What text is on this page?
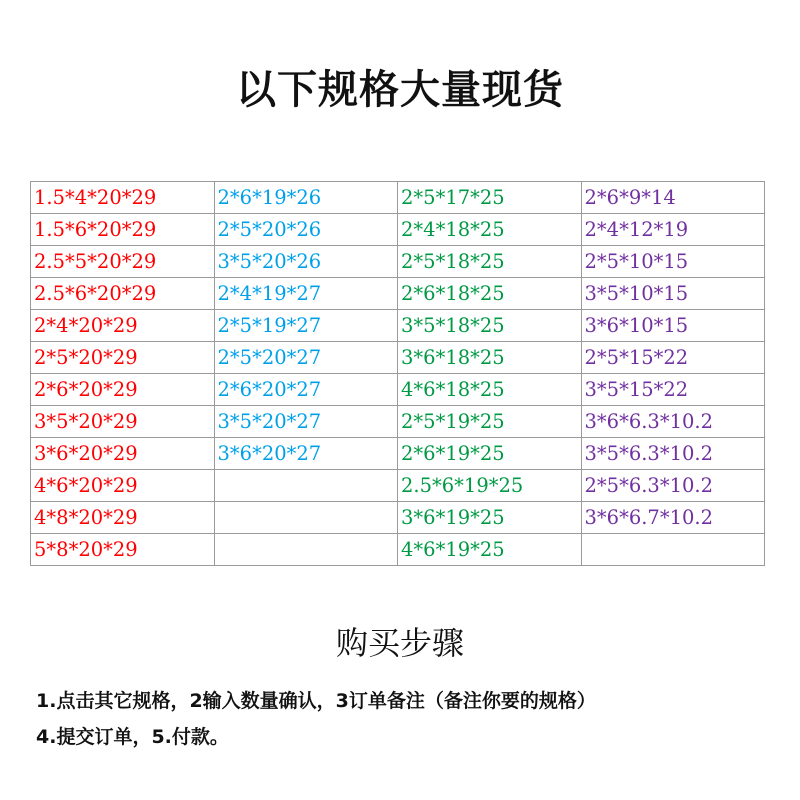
以下规格大量现货
1.5*4*20*29	2*6*19*26	2*5*17*25	2*6*9*14
1.5*6*20*29	2*5*20*26	2*4*18*25	2*4*12*19
2.5*5*20*29	3*5*20*26	2*5*18*25	2*5*10*15
2.5*6*20*29	2*4*19*27	2*6*18*25	3*5*10*15
2*4*20*29	2*5*19*27	3*5*18*25	3*6*10*15
2*5*20*29	2*5*20*27	3*6*18*25	2*5*15*22
2*6*20*29	2*6*20*27	4*6*18*25	3*5*15*22
3*5*20*29	3*5*20*27	2*5*19*25	3*6*6.3*10.2
3*6*20*29	3*6*20*27	2*6*19*25	3*5*6.3*10.2
4*6*20*29		2.5*6*19*25	2*5*6.3*10.2
4*8*20*29		3*6*19*25	3*6*6.7*10.2
5*8*20*29		4*6*19*25	
购买步骤
1.点击其它规格，2输入数量确认，3订单备注（备注你要的规格）
4.提交订单，5.付款。
